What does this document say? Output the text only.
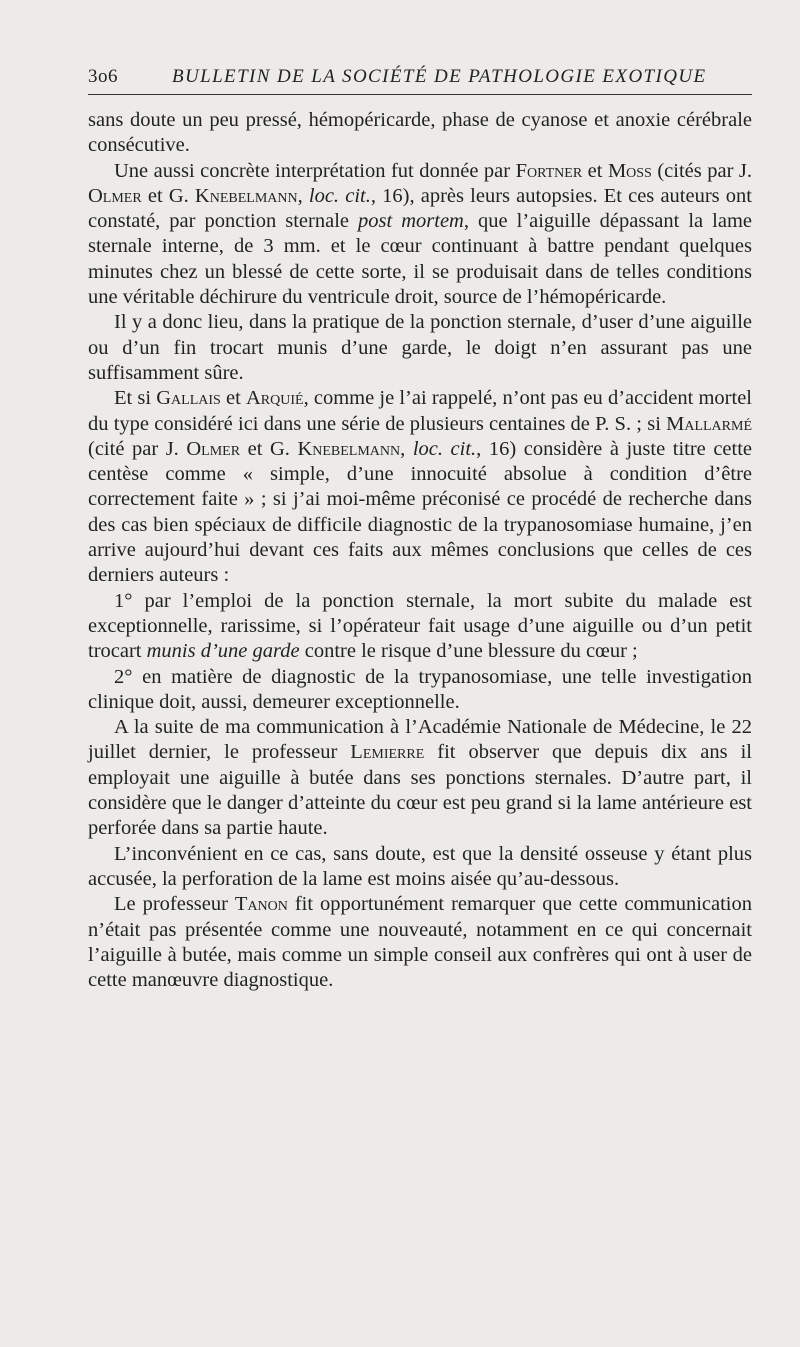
3o6	BULLETIN DE LA SOCIÉTÉ DE PATHOLOGIE EXOTIQUE

sans doute un peu pressé, hémopéricarde, phase de cyanose et anoxie cérébrale consécutive.

Une aussi concrète interprétation fut donnée par Fortner et Moss (cités par J. Olmer et G. Knebelmann, loc. cit., 16), après leurs autopsies. Et ces auteurs ont constaté, par ponction sternale post mortem, que l’aiguille dépassant la lame sternale interne, de 3 mm. et le cœur continuant à battre pendant quelques minutes chez un blessé de cette sorte, il se produisait dans de telles conditions une véritable déchirure du ventricule droit, source de l’hémopéricarde.

Il y a donc lieu, dans la pratique de la ponction sternale, d’user d’une aiguille ou d’un fin trocart munis d’une garde, le doigt n’en assurant pas une suffisamment sûre.

Et si Gallais et Arquié, comme je l’ai rappelé, n’ont pas eu d’accident mortel du type considéré ici dans une série de plusieurs centaines de P. S. ; si Mallarmé (cité par J. Olmer et G. Knebelmann, loc. cit., 16) considère à juste titre cette centèse comme « simple, d’une innocuité absolue à condition d’être correctement faite » ; si j’ai moi-même préconisé ce procédé de recherche dans des cas bien spéciaux de difficile diagnostic de la trypanosomiase humaine, j’en arrive aujourd’hui devant ces faits aux mêmes conclusions que celles de ces derniers auteurs :

1° par l’emploi de la ponction sternale, la mort subite du malade est exceptionnelle, rarissime, si l’opérateur fait usage d’une aiguille ou d’un petit trocart munis d’une garde contre le risque d’une blessure du cœur ;

2° en matière de diagnostic de la trypanosomiase, une telle investigation clinique doit, aussi, demeurer exceptionnelle.

A la suite de ma communication à l’Académie Nationale de Médecine, le 22 juillet dernier, le professeur Lemierre fit observer que depuis dix ans il employait une aiguille à butée dans ses ponctions sternales. D’autre part, il considère que le danger d’atteinte du cœur est peu grand si la lame antérieure est perforée dans sa partie haute.

L’inconvénient en ce cas, sans doute, est que la densité osseuse y étant plus accusée, la perforation de la lame est moins aisée qu’au-dessous.

Le professeur Tanon fit opportunément remarquer que cette communication n’était pas présentée comme une nouveauté, notamment en ce qui concernait l’aiguille à butée, mais comme un simple conseil aux confrères qui ont à user de cette manœuvre diagnostique.
